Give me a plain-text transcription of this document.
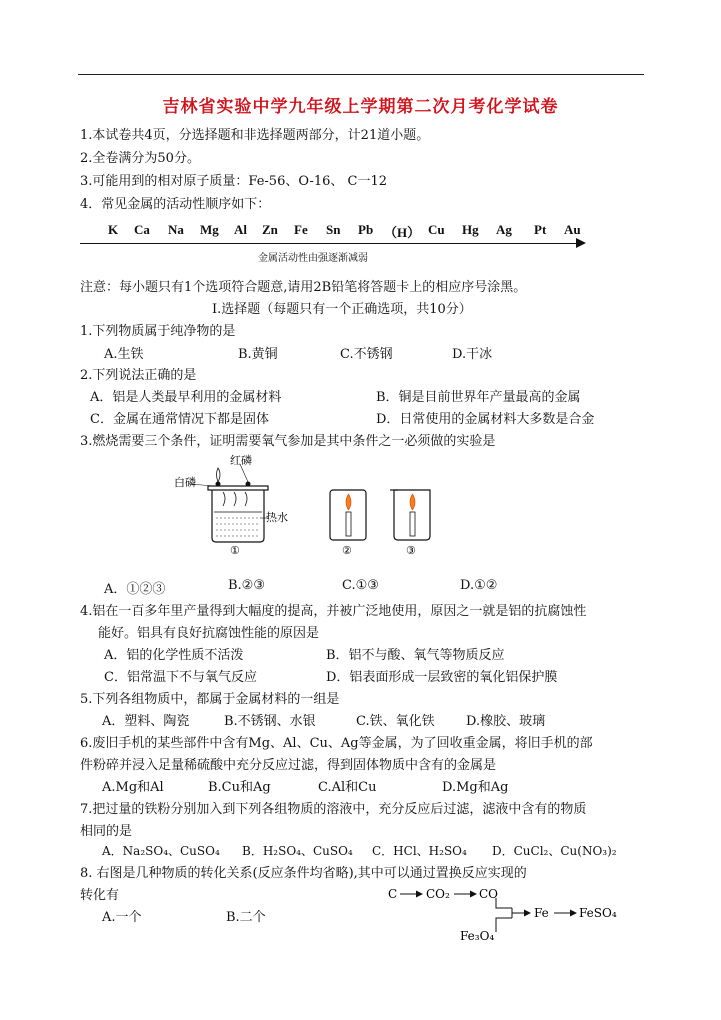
吉林省实验中学九年级上学期第二次月考化学试卷
1.本试卷共4页，分选择题和非选择题两部分，计21道小题。
2.全卷满分为50分。
3.可能用到的相对原子质量：Fe-56、O-16、 C一12
4．常见金属的活动性顺序如下：
K Ca Na Mg Al Zn Fe Sn Pb （H） Cu Hg Ag Pt Au
金属活动性由强逐渐减弱
注意：每小题只有1个选项符合题意,请用2B铅笔将答题卡上的相应序号涂黑。
I.选择题（每题只有一个正确选项，共10分）
1.下列物质属于纯净物的是
A.生铁	B.黄铜	C.不锈钢	D.干冰
2.下列说法正确的是
A．铝是人类最早利用的金属材料	B．铜是目前世界年产量最高的金属
C．金属在通常情况下都是固体	D．日常使用的金属材料大多数是合金
3.燃烧需要三个条件，证明需要氧气参加是其中条件之一必须做的实验是
白磷
红磷
热水
①	②	③
A．①②③	B.②③	C.①③	D.①②
4.铝在一百多年里产量得到大幅度的提高，并被广泛地使用，原因之一就是铝的抗腐蚀性
能好。铝具有良好抗腐蚀性能的原因是
A．铝的化学性质不活泼	B．铝不与酸、氧气等物质反应
C．铝常温下不与氧气反应	D．铝表面形成一层致密的氧化铝保护膜
5.下列各组物质中，都属于金属材料的一组是
A．塑料、陶瓷	B.不锈钢、水银	C.铁、氧化铁 D.橡胶、玻璃
6.废旧手机的某些部件中含有Mg、Al、Cu、Ag等金属，为了回收重金属，将旧手机的部
件粉碎并浸入足量稀硫酸中充分反应过滤，得到固体物质中含有的金属是
A.Mg和Al	B.Cu和Ag	C.Al和Cu	D.Mg和Ag
7.把过量的铁粉分别加入到下列各组物质的溶液中，充分反应后过滤，滤液中含有的物质
相同的是
A．Na₂SO₄、CuSO₄ B．H₂SO₄、CuSO₄ C．HCl、H₂SO₄ D．CuCl₂、Cu(NO₃)₂
8. 右图是几种物质的转化关系(反应条件均省略),其中可以通过置换反应实现的
转化有
A.一个	B.二个
C CO₂ CO
Fe	FeSO₄
Fe₃O₄
